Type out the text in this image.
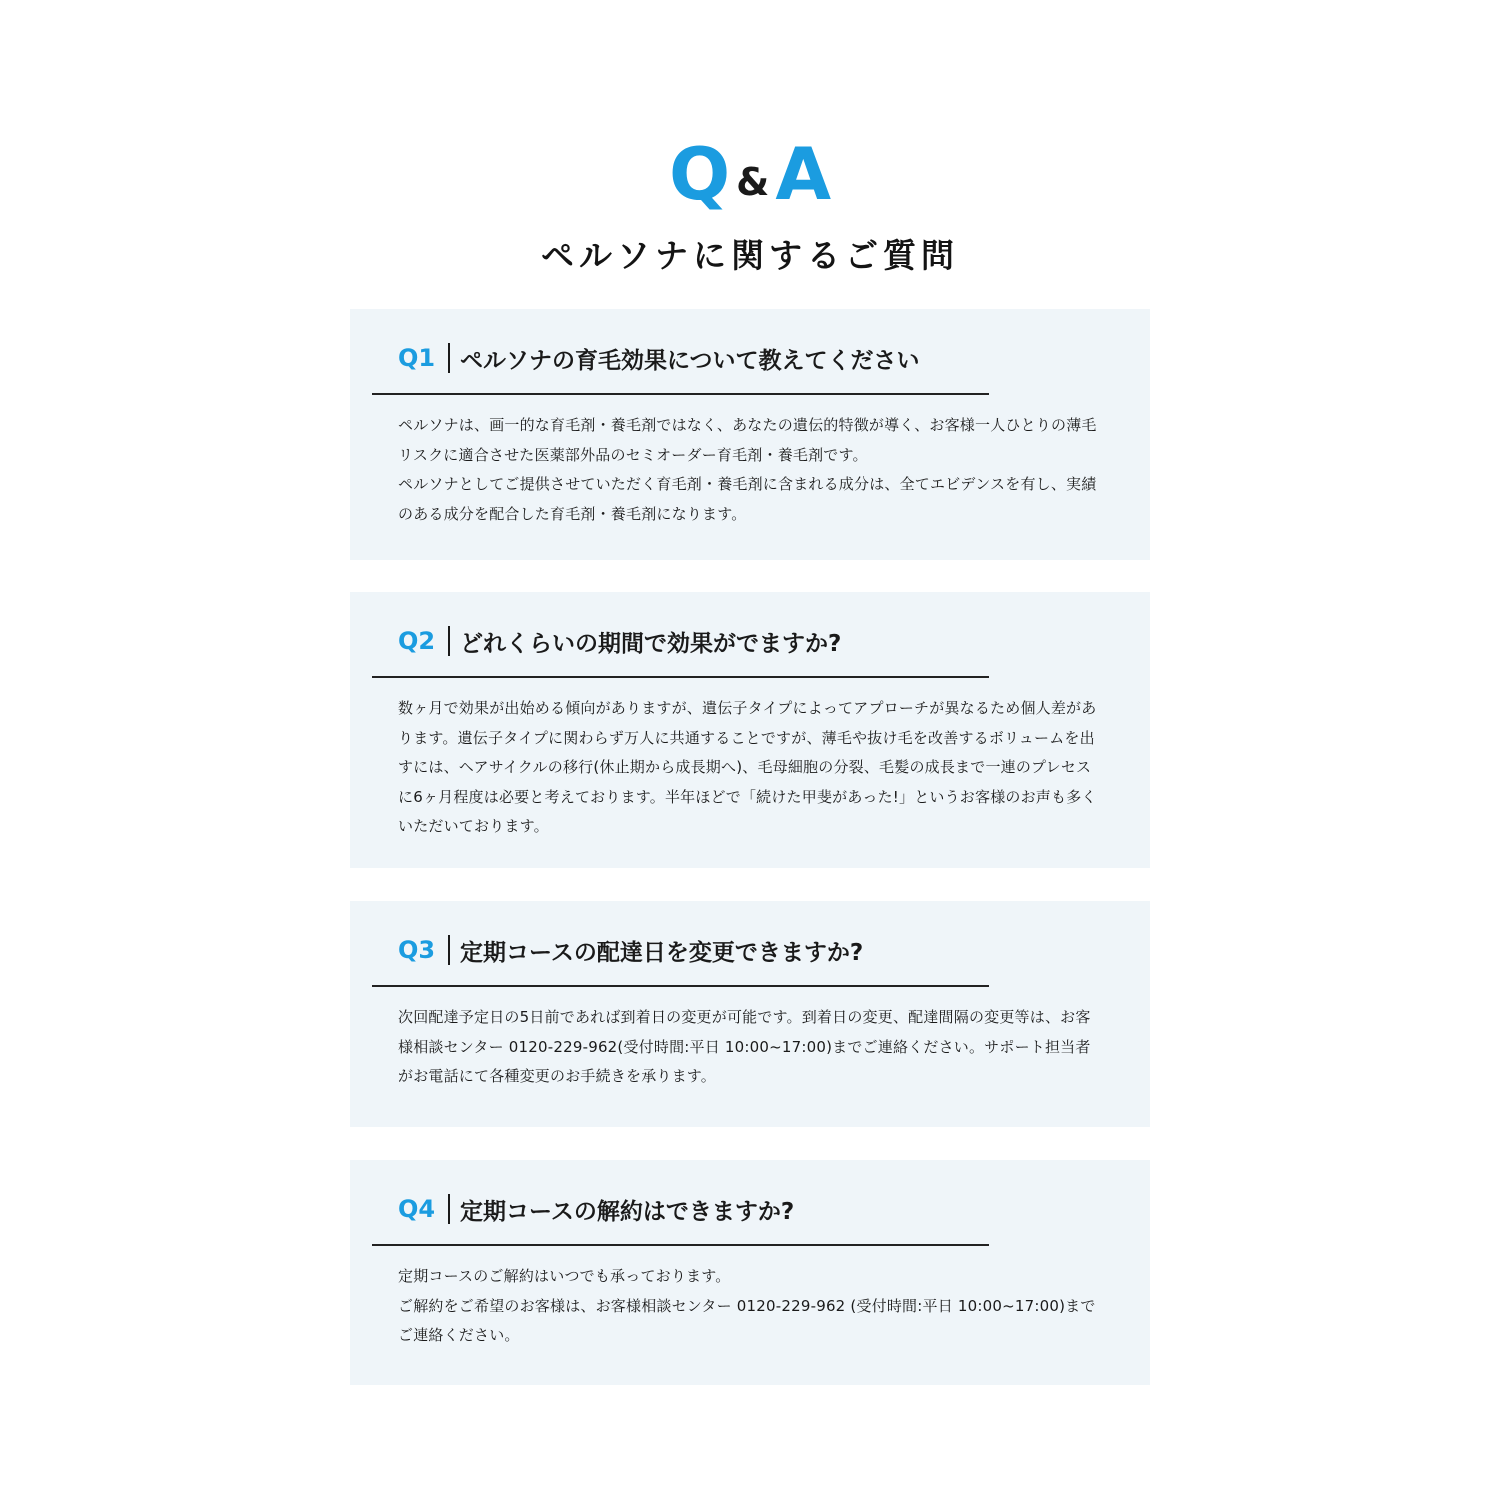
Q &A
ペルソナに関するご質問
Q1	ペルソナの育毛効果について教えてください

ペルソナは、画一的な育毛剤・養毛剤ではなく、あなたの遺伝的特徴が導く、お客様一人ひとりの薄毛リスクに適合させた医薬部外品のセミオーダー育毛剤・養毛剤です。

ペルソナとしてご提供させていただく育毛剤・養毛剤に含まれる成分は、全てエビデンスを有し、実績のある成分を配合した育毛剤・養毛剤になります。

Q2	どれくらいの期間で効果がでますか?

数ヶ月で効果が出始める傾向がありますが、遺伝子タイプによってアプローチが異なるため個人差があります。遺伝子タイプに関わらず万人に共通することですが、薄毛や抜け毛を改善するボリュームを出すには、ヘアサイクルの移行(休止期から成長期へ)、毛母細胞の分裂、毛髪の成長まで一連のプレセスに6ヶ月程度は必要と考えております。半年ほどで「続けた甲斐があった!」というお客様のお声も多くいただいております。

Q3	定期コースの配達日を変更できますか?

次回配達予定日の5日前であれば到着日の変更が可能です。到着日の変更、配達間隔の変更等は、お客様相談センター 0120-229-962(受付時間:平日 10:00~17:00)までご連絡ください。サポート担当者がお電話にて各種変更のお手続きを承ります。

Q4	定期コースの解約はできますか?

定期コースのご解約はいつでも承っております。

ご解約をご希望のお客様は、お客様相談センター 0120-229-962 (受付時間:平日 10:00~17:00)までご連絡ください。
